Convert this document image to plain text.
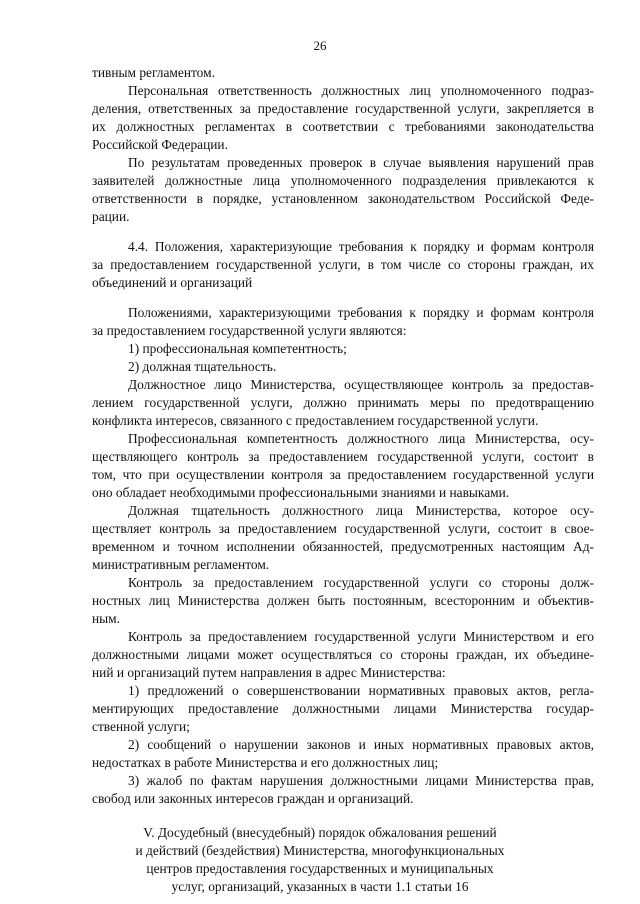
26
тивным регламентом.
Персональная ответственность должностных лиц уполномоченного подраз-
деления, ответственных за предоставление государственной услуги, закрепляется в
их должностных регламентах в соответствии с требованиями законодательства
Российской Федерации.
По результатам проведенных проверок в случае выявления нарушений прав
заявителей должностные лица уполномоченного подразделения привлекаются к
ответственности в порядке, установленном законодательством Российской Феде-
рации.
4.4. Положения, характеризующие требования к порядку и формам контроля
за предоставлением государственной услуги, в том числе со стороны граждан, их
объединений и организаций
Положениями, характеризующими требования к порядку и формам контроля
за предоставлением государственной услуги являются:
1) профессиональная компетентность;
2) должная тщательность.
Должностное лицо Министерства, осуществляющее контроль за предостав-
лением государственной услуги, должно принимать меры по предотвращению
конфликта интересов, связанного с предоставлением государственной услуги.
Профессиональная компетентность должностного лица Министерства, осу-
ществляющего контроль за предоставлением государственной услуги, состоит в
том, что при осуществлении контроля за предоставлением государственной услуги
оно обладает необходимыми профессиональными знаниями и навыками.
Должная тщательность должностного лица Министерства, которое осу-
ществляет контроль за предоставлением государственной услуги, состоит в свое-
временном и точном исполнении обязанностей, предусмотренных настоящим Ад-
министративным регламентом.
Контроль за предоставлением государственной услуги со стороны долж-
ностных лиц Министерства должен быть постоянным, всесторонним и объектив-
ным.
Контроль за предоставлением государственной услуги Министерством и его
должностными лицами может осуществляться со стороны граждан, их объедине-
ний и организаций путем направления в адрес Министерства:
1) предложений о совершенствовании нормативных правовых актов, регла-
ментирующих предоставление должностными лицами Министерства государ-
ственной услуги;
2) сообщений о нарушении законов и иных нормативных правовых актов,
недостатках в работе Министерства и его должностных лиц;
3) жалоб по фактам нарушения должностными лицами Министерства прав,
свобод или законных интересов граждан и организаций.
V. Досудебный (внесудебный) порядок обжалования решений
и действий (бездействия) Министерства, многофункциональных
центров предоставления государственных и муниципальных
услуг, организаций, указанных в части 1.1 статьи 16
